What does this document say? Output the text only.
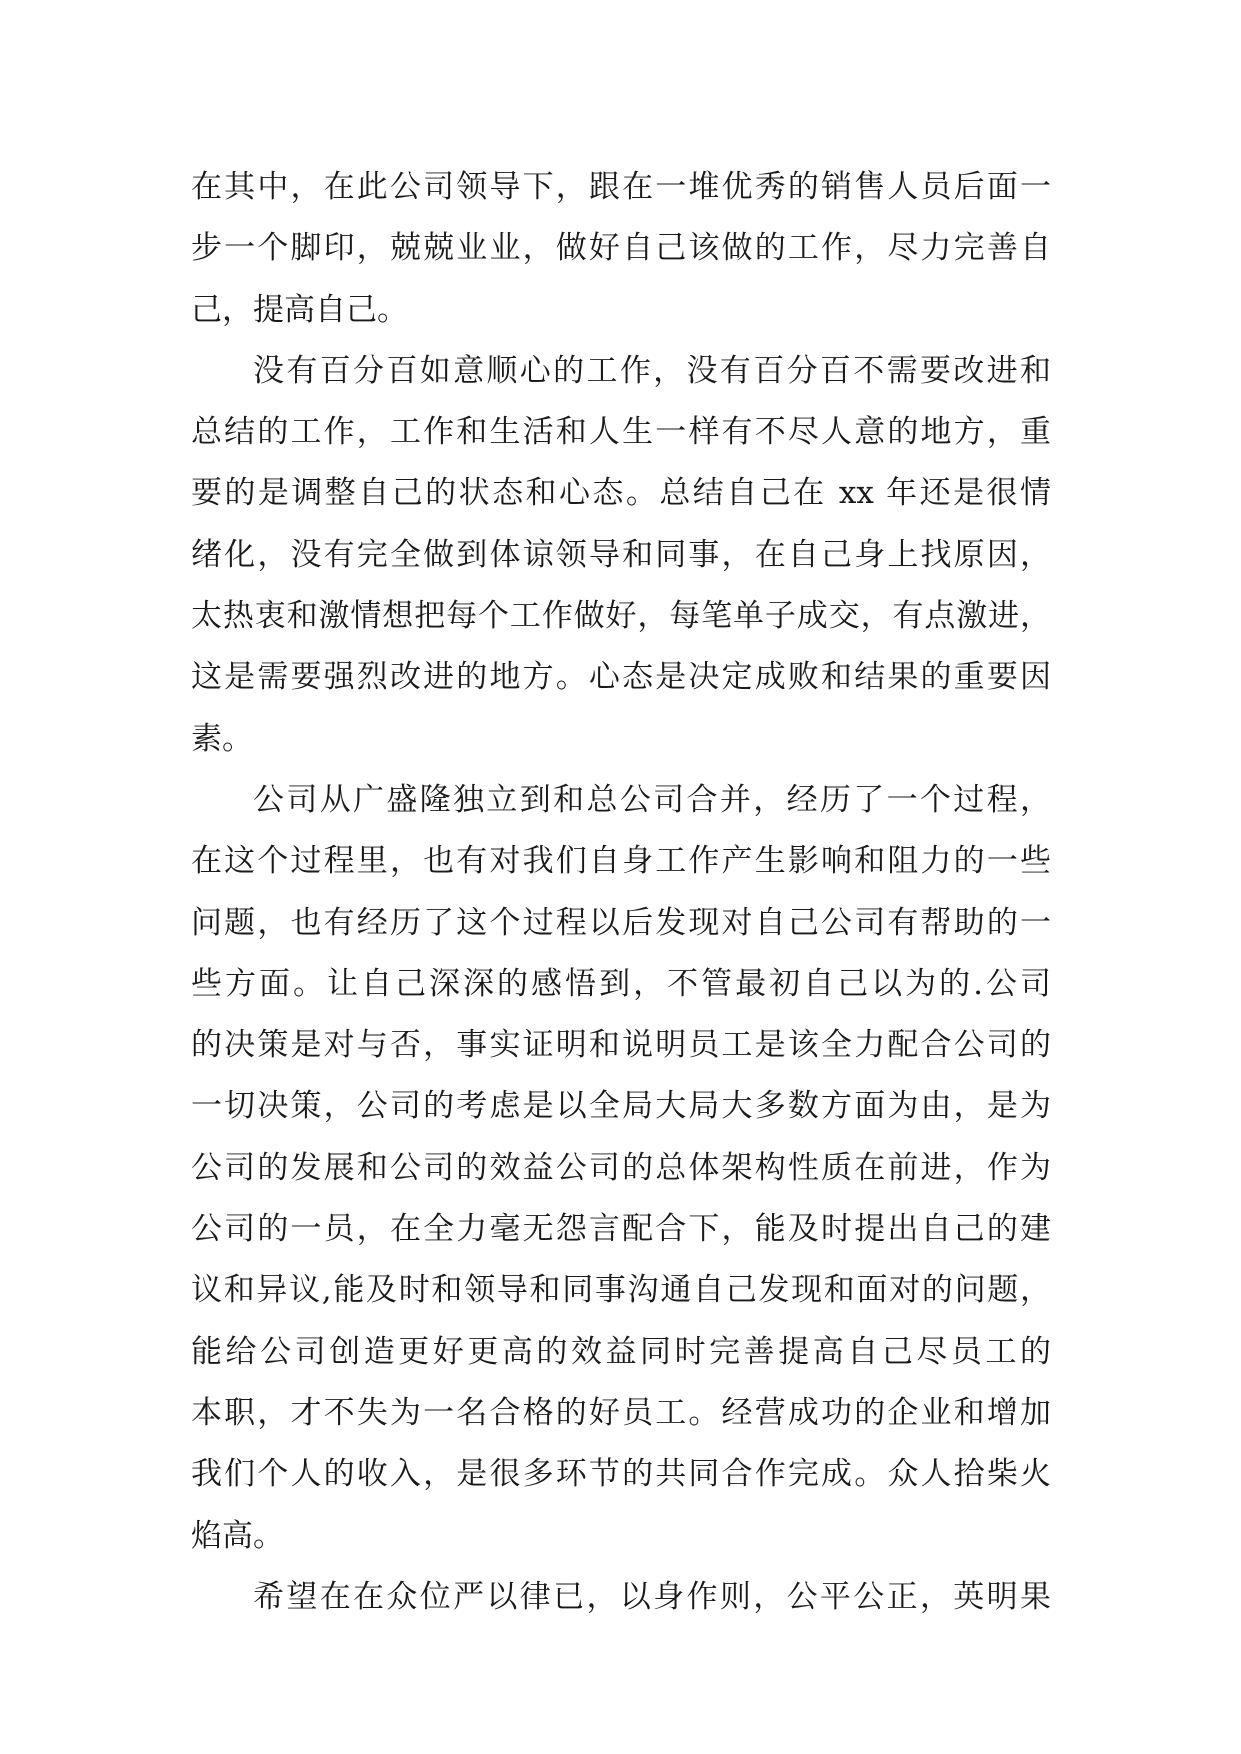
在其中，在此公司领导下，跟在一堆优秀的销售人员后面一
步一个脚印，兢兢业业，做好自己该做的工作，尽力完善自
己，提高自己。
没有百分百如意顺心的工作，没有百分百不需要改进和
总结的工作，工作和生活和人生一样有不尽人意的地方，重
要的是调整自己的状态和心态。总结自己在 xx 年还是很情
绪化，没有完全做到体谅领导和同事，在自己身上找原因，
太热衷和激情想把每个工作做好，每笔单子成交，有点激进，
这是需要强烈改进的地方。心态是决定成败和结果的重要因
素。
公司从广盛隆独立到和总公司合并，经历了一个过程，
在这个过程里，也有对我们自身工作产生影响和阻力的一些
问题，也有经历了这个过程以后发现对自己公司有帮助的一
些方面。让自己深深的感悟到，不管最初自己以为的.公司
的决策是对与否，事实证明和说明员工是该全力配合公司的
一切决策，公司的考虑是以全局大局大多数方面为由，是为
公司的发展和公司的效益公司的总体架构性质在前进，作为
公司的一员，在全力毫无怨言配合下，能及时提出自己的建
议和异议,能及时和领导和同事沟通自己发现和面对的问题，
能给公司创造更好更高的效益同时完善提高自己尽员工的
本职，才不失为一名合格的好员工。经营成功的企业和增加
我们个人的收入，是很多环节的共同合作完成。众人拾柴火
焰高。
希望在在众位严以律已，以身作则，公平公正，英明果
